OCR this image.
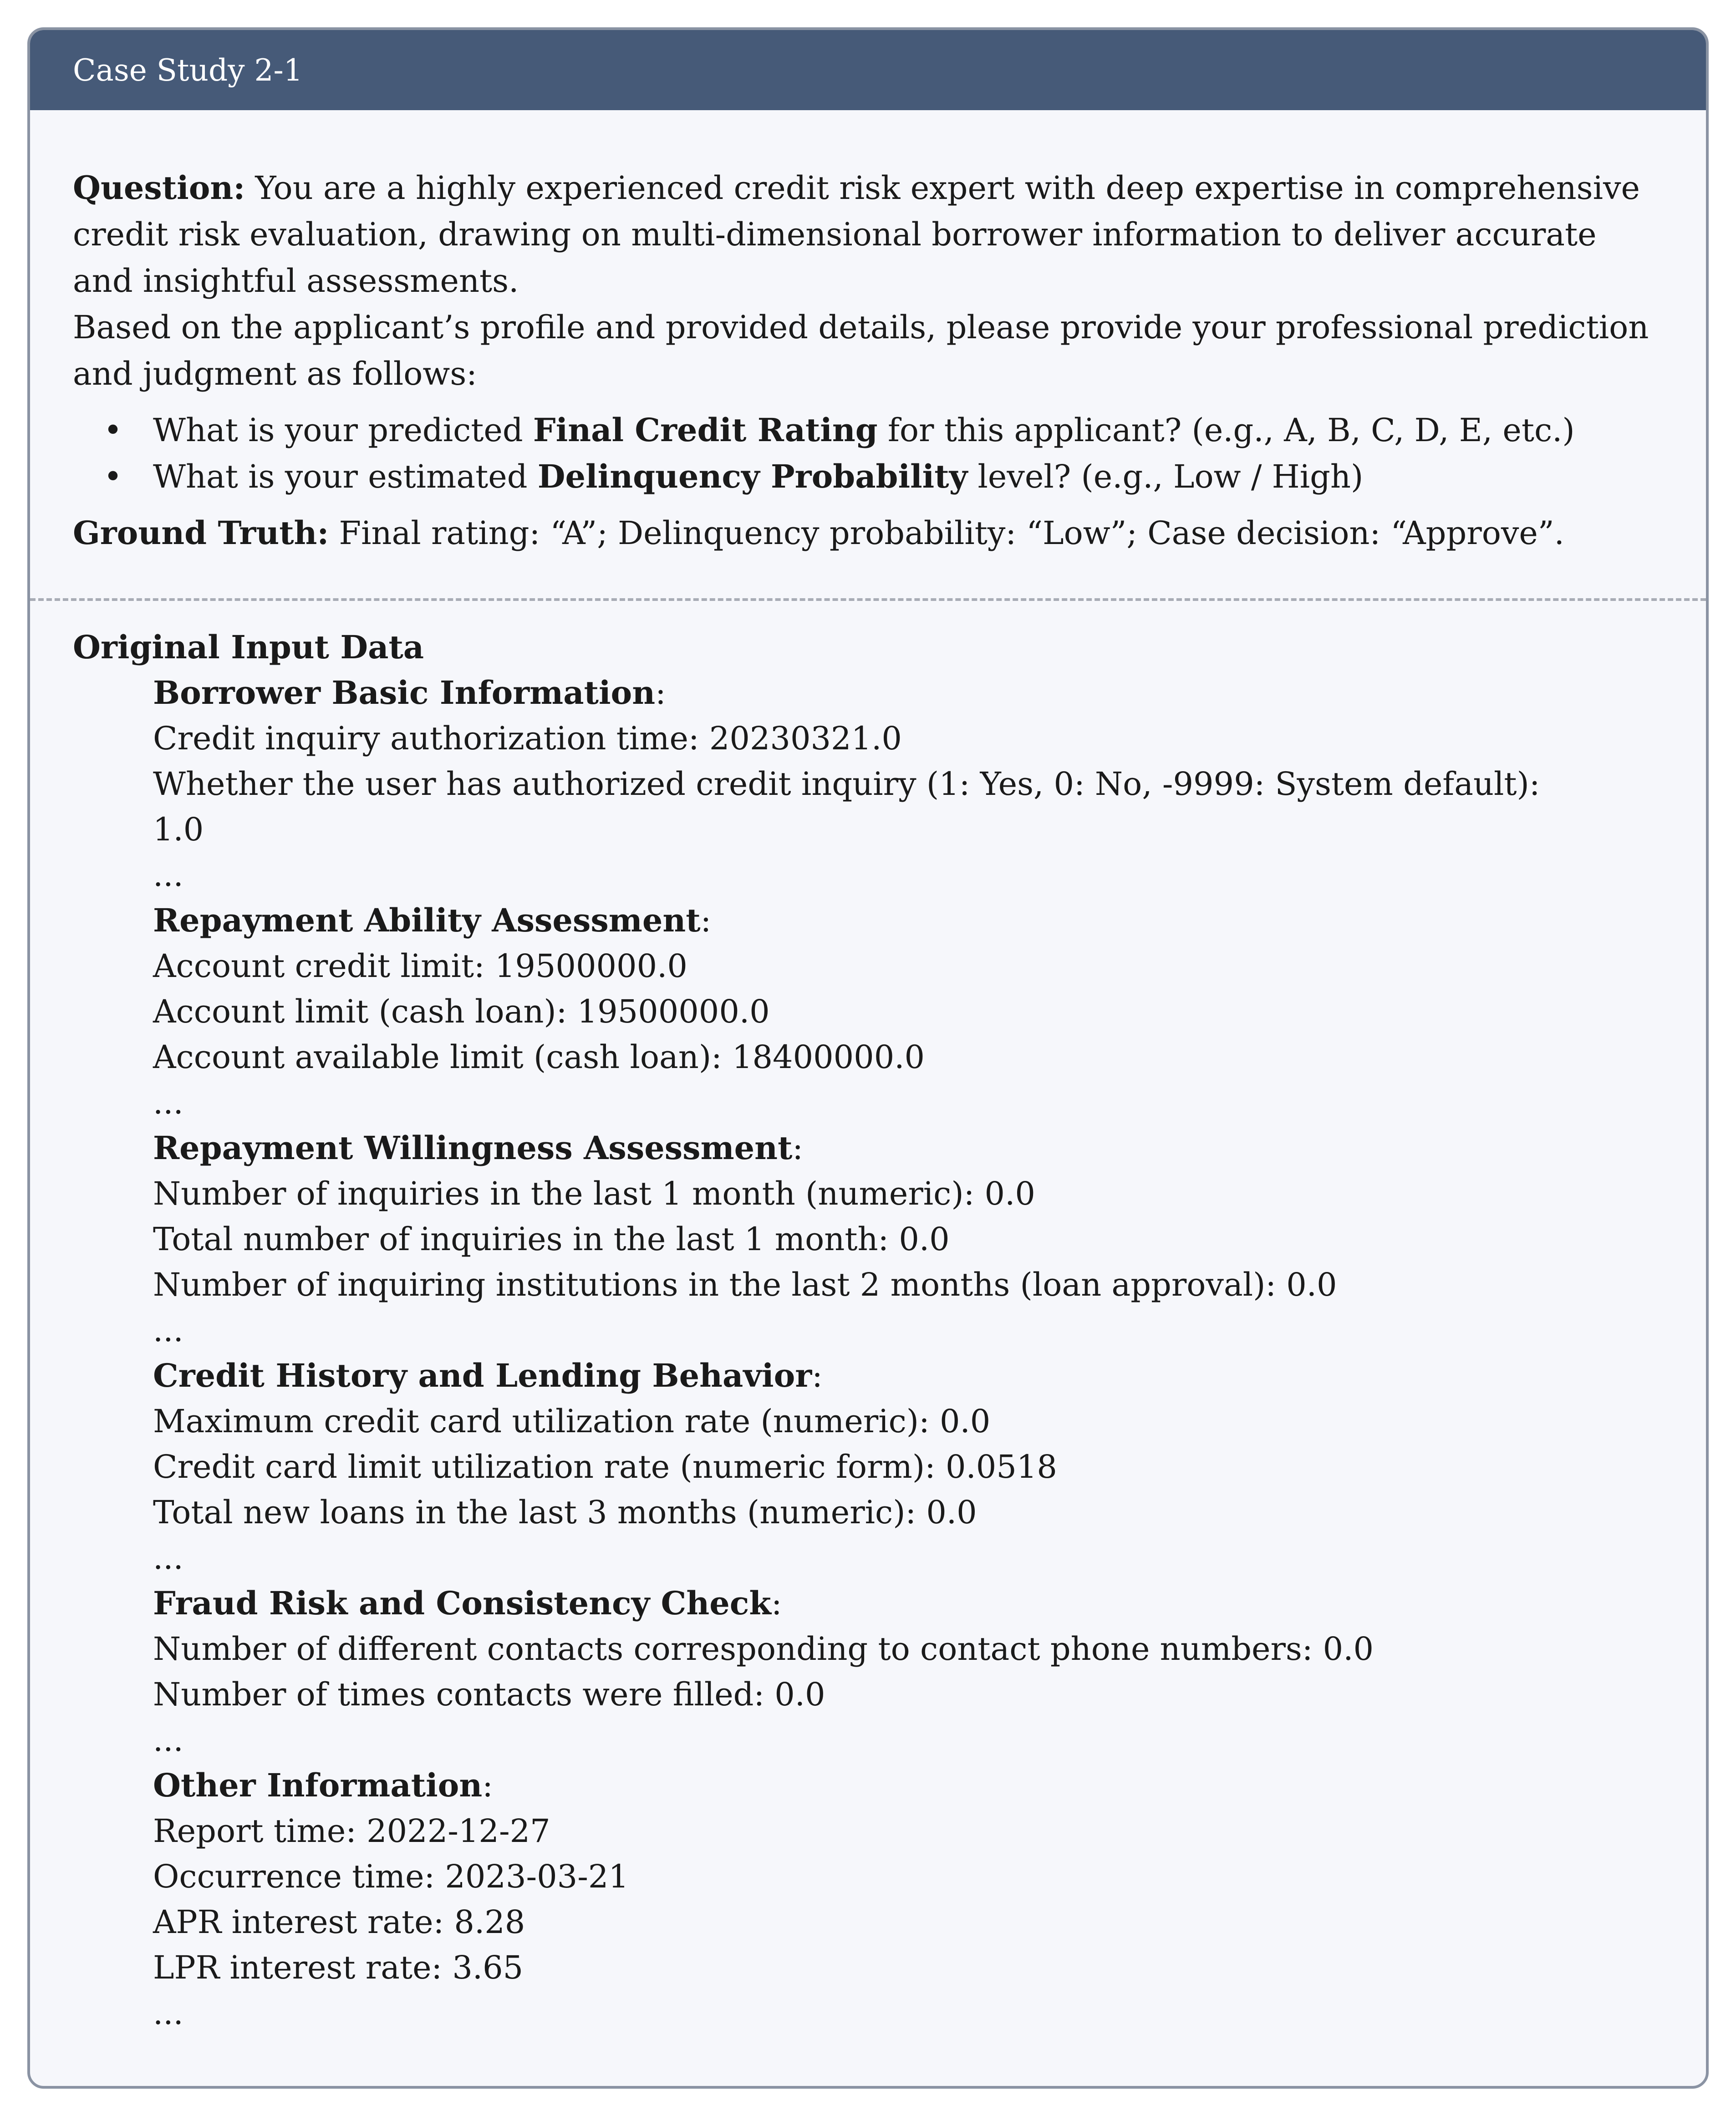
Case Study 2-1

Question: You are a highly experienced credit risk expert with deep expertise in comprehensive credit risk evaluation, drawing on multi-dimensional borrower information to deliver accurate and insightful assessments.

Based on the applicant’s profile and provided details, please provide your professional prediction and judgment as follows:

• What is your predicted Final Credit Rating for this applicant? (e.g., A, B, C, D, E, etc.)
• What is your estimated Delinquency Probability level? (e.g., Low / High)

Ground Truth: Final rating: “A”; Delinquency probability: “Low”; Case decision: “Approve”.

Original Input Data

Borrower Basic Information:

Credit inquiry authorization time: 20230321.0

Whether the user has authorized credit inquiry (1: Yes, 0: No, -9999: System default):

1.0

...

Repayment Ability Assessment:

Account credit limit: 19500000.0

Account limit (cash loan): 19500000.0

Account available limit (cash loan): 18400000.0

...

Repayment Willingness Assessment:

Number of inquiries in the last 1 month (numeric): 0.0

Total number of inquiries in the last 1 month: 0.0

Number of inquiring institutions in the last 2 months (loan approval): 0.0

...

Credit History and Lending Behavior:

Maximum credit card utilization rate (numeric): 0.0

Credit card limit utilization rate (numeric form): 0.0518

Total new loans in the last 3 months (numeric): 0.0

...

Fraud Risk and Consistency Check:

Number of different contacts corresponding to contact phone numbers: 0.0

Number of times contacts were filled: 0.0

...

Other Information:

Report time: 2022-12-27

Occurrence time: 2023-03-21

APR interest rate: 8.28

LPR interest rate: 3.65

...
